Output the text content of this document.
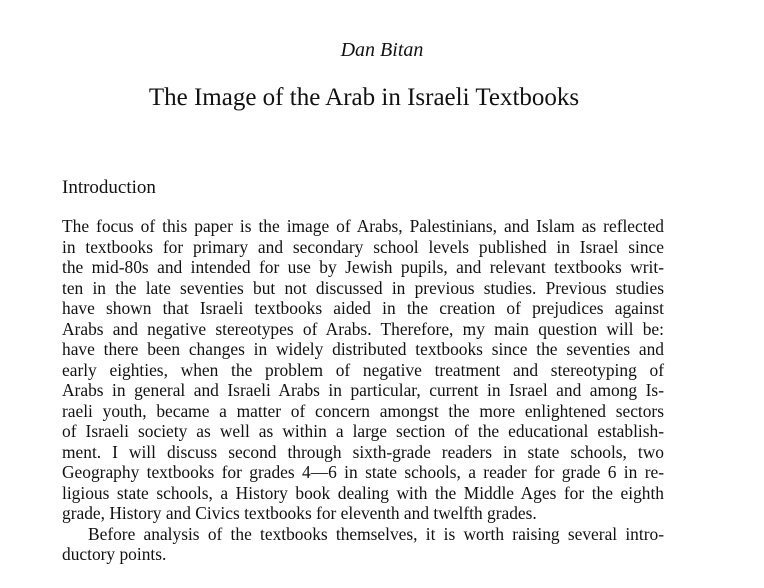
Dan Bitan
The Image of the Arab in Israeli Textbooks
Introduction
The focus of this paper is the image of Arabs, Palestinians, and Islam as reflected
in textbooks for primary and secondary school levels published in Israel since
the mid-80s and intended for use by Jewish pupils, and relevant textbooks writ-
ten in the late seventies but not discussed in previous studies. Previous studies
have shown that Israeli textbooks aided in the creation of prejudices against
Arabs and negative stereotypes of Arabs. Therefore, my main question will be:
have there been changes in widely distributed textbooks since the seventies and
early eighties, when the problem of negative treatment and stereotyping of
Arabs in general and Israeli Arabs in particular, current in Israel and among Is-
raeli youth, became a matter of concern amongst the more enlightened sectors
of Israeli society as well as within a large section of the educational establish-
ment. I will discuss second through sixth-grade readers in state schools, two
Geography textbooks for grades 4—6 in state schools, a reader for grade 6 in re-
ligious state schools, a History book dealing with the Middle Ages for the eighth
grade, History and Civics textbooks for eleventh and twelfth grades.
Before analysis of the textbooks themselves, it is worth raising several intro-
ductory points.
